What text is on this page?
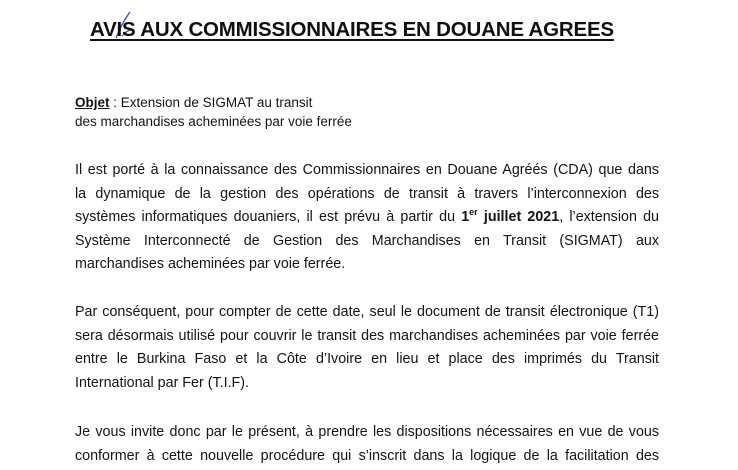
AVIS AUX COMMISSIONNAIRES EN DOUANE AGREES
Objet : Extension de SIGMAT au transit
des marchandises acheminées par voie ferrée
Il est porté à la connaissance des Commissionnaires en Douane Agréés (CDA) que dans
la dynamique de la gestion des opérations de transit à travers l’interconnexion des
systèmes informatiques douaniers, il est prévu à partir du 1er juillet 2021, l’extension du
Système Interconnecté de Gestion des Marchandises en Transit (SIGMAT) aux
marchandises acheminées par voie ferrée.
Par conséquent, pour compter de cette date, seul le document de transit électronique (T1)
sera désormais utilisé pour couvrir le transit des marchandises acheminées par voie ferrée
entre le Burkina Faso et la Côte d’Ivoire en lieu et place des imprimés du Transit
International par Fer (T.I.F).
Je vous invite donc par le présent, à prendre les dispositions nécessaires en vue de vous
conformer à cette nouvelle procédure qui s’inscrit dans la logique de la facilitation des
